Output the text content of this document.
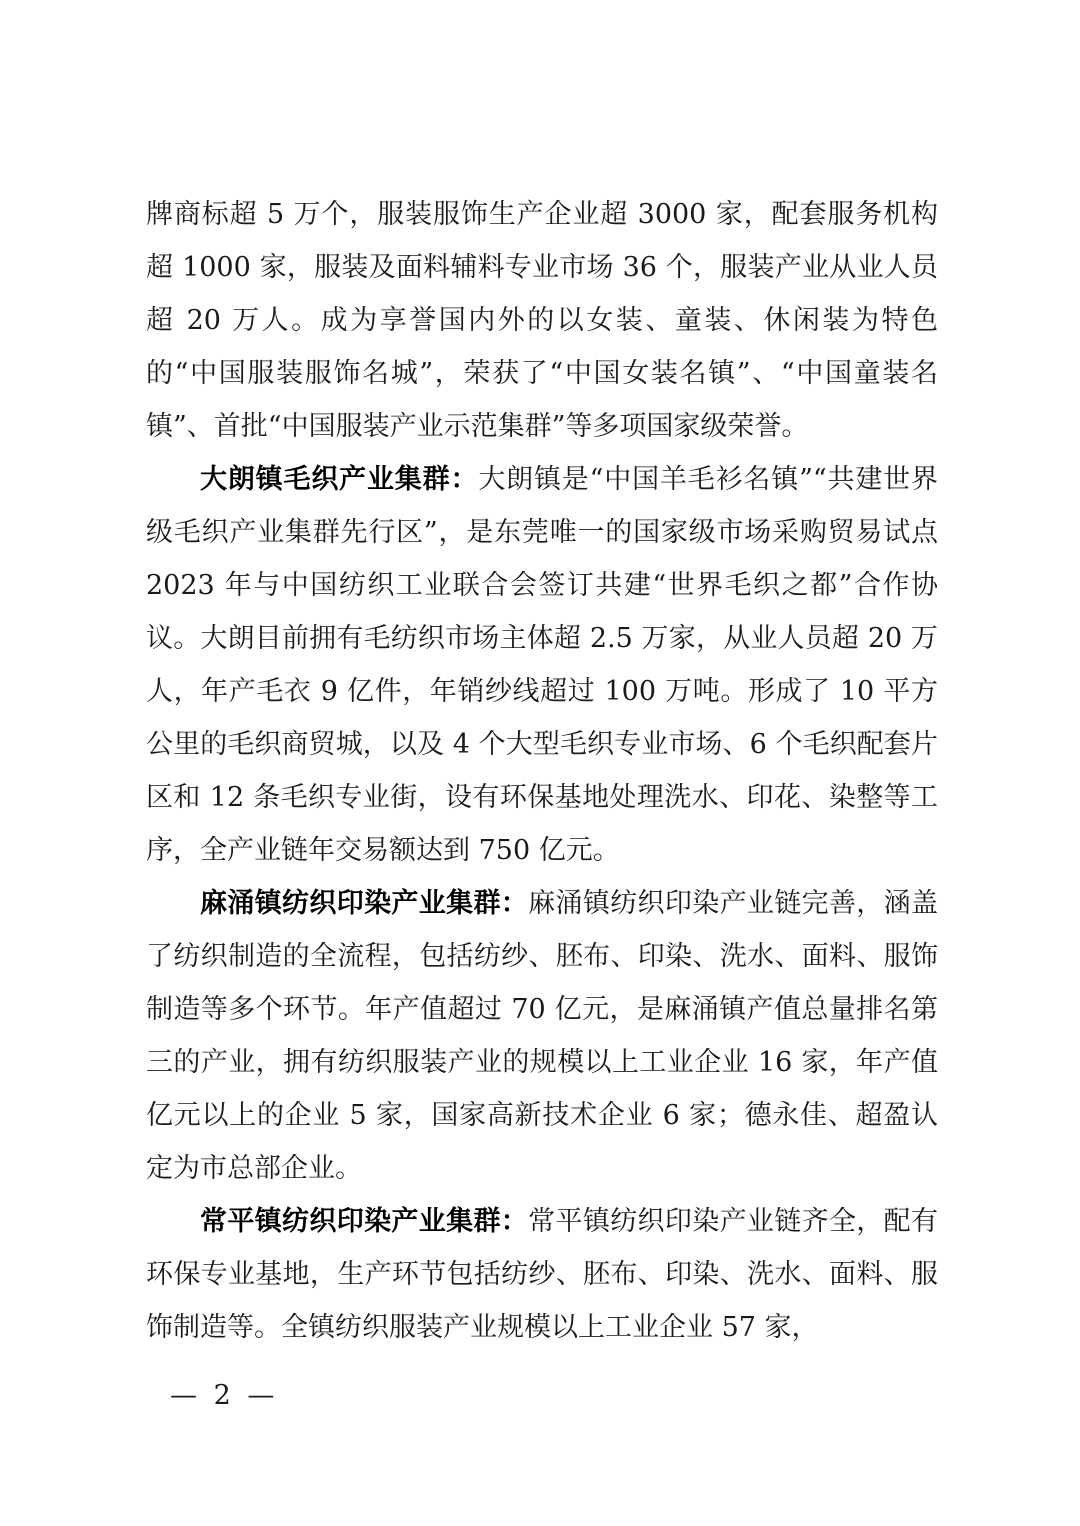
牌商标超 5 万个，服装服饰生产企业超 3000 家，配套服务机构超 1000 家，服装及面料辅料专业市场 36 个，服装产业从业人员超 20 万人。成为享誉国内外的以女装、童装、休闲装为特色的“中国服装服饰名城”，荣获了“中国女装名镇”、“中国童装名镇”、首批“中国服装产业示范集群”等多项国家级荣誉。

大朗镇毛织产业集群：大朗镇是“中国羊毛衫名镇”“共建世界级毛织产业集群先行区”，是东莞唯一的国家级市场采购贸易试点 2023 年与中国纺织工业联合会签订共建“世界毛织之都”合作协议。大朗目前拥有毛纺织市场主体超 2.5 万家，从业人员超 20 万人，年产毛衣 9 亿件，年销纱线超过 100 万吨。形成了 10 平方公里的毛织商贸城，以及 4 个大型毛织专业市场、6 个毛织配套片区和 12 条毛织专业街，设有环保基地处理洗水、印花、染整等工序，全产业链年交易额达到 750 亿元。

麻涌镇纺织印染产业集群：麻涌镇纺织印染产业链完善，涵盖了纺织制造的全流程，包括纺纱、胚布、印染、洗水、面料、服饰制造等多个环节。年产值超过 70 亿元，是麻涌镇产值总量排名第三的产业，拥有纺织服装产业的规模以上工业企业 16 家，年产值亿元以上的企业 5 家，国家高新技术企业 6 家；德永佳、超盈认定为市总部企业。

常平镇纺织印染产业集群：常平镇纺织印染产业链齐全，配有环保专业基地，生产环节包括纺纱、胚布、印染、洗水、面料、服饰制造等。全镇纺织服装产业规模以上工业企业 57 家，

— 2 —
